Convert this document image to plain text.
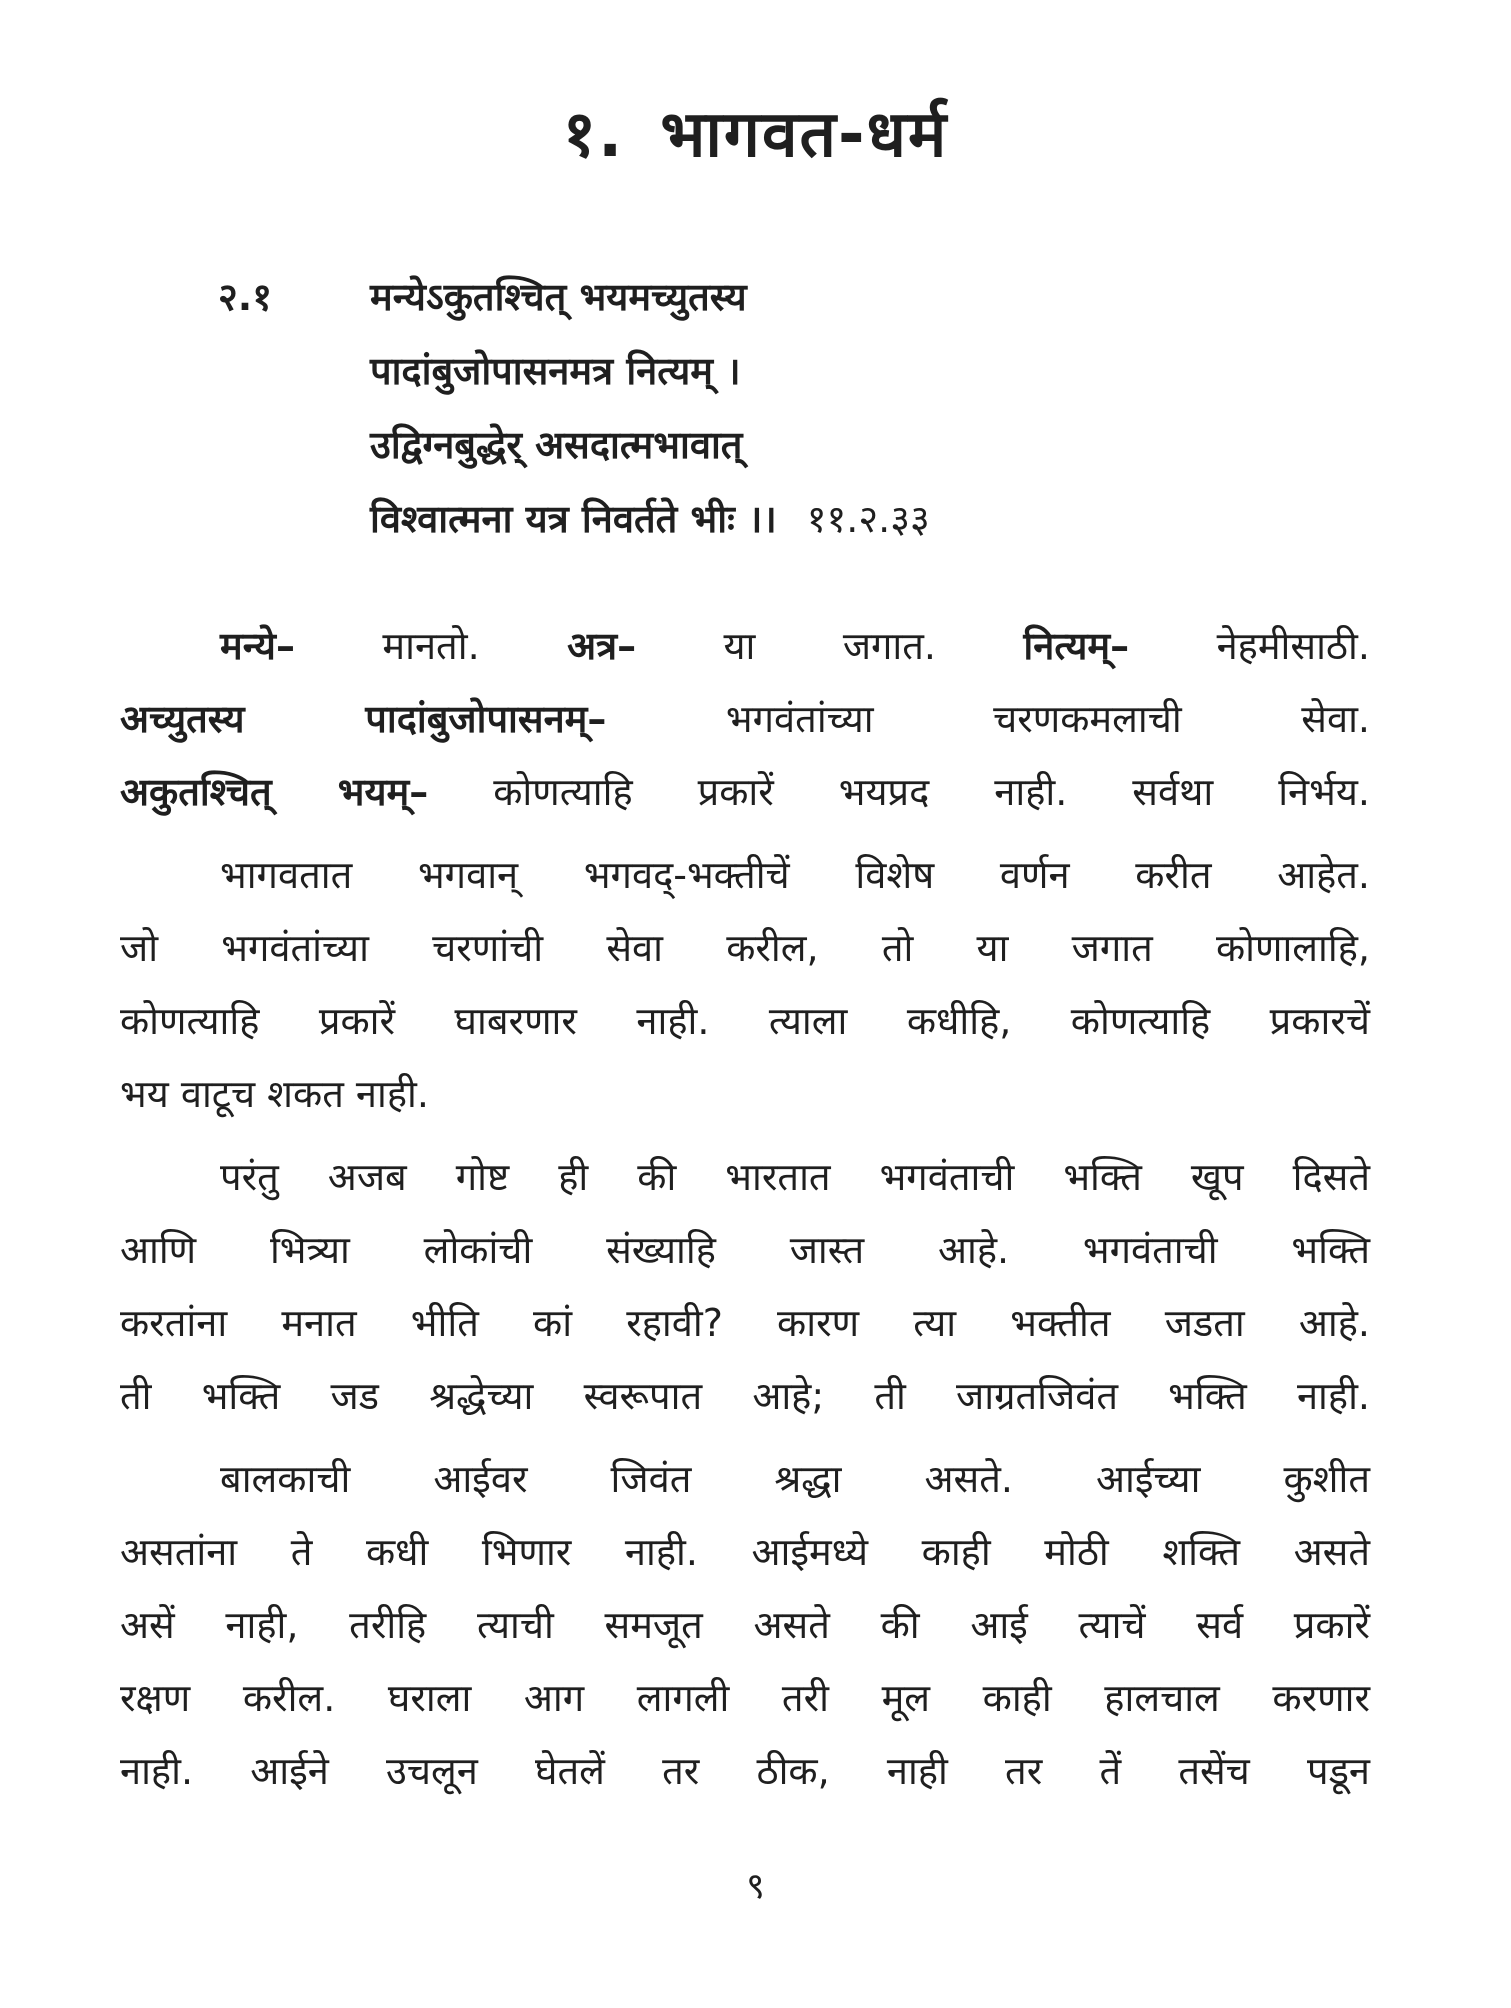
१. भागवत-धर्म
२.१	मन्येऽकुतश्चित् भयमच्युतस्य
पादांबुजोपासनमत्र नित्यम् ।
उद्विग्नबुद्धेर् असदात्मभावात्
विश्वात्मना यत्र निवर्तते भीः ।। ११.२.३३
मन्ये– मानतो. अत्र– या जगात. नित्यम्– नेहमीसाठी.
अच्युतस्य पादांबुजोपासनम्–	भगवंतांच्या चरणकमलाची सेवा.
अकुतश्चित् भयम्– कोणत्याहि प्रकारें भयप्रद नाही. सर्वथा निर्भय.
भागवतात भगवान् भगवद्-भक्तीचें विशेष वर्णन करीत आहेत.
जो भगवंतांच्या चरणांची सेवा करील, तो या जगात कोणालाहि,
कोणत्याहि प्रकारें घाबरणार नाही. त्याला कधीहि, कोणत्याहि प्रकारचें
भय वाटूच शकत नाही.
परंतु अजब गोष्ट ही की भारतात भगवंताची भक्ति खूप दिसते
आणि भित्र्या लोकांची संख्याहि जास्त आहे. भगवंताची भक्ति
करतांना मनात भीति कां रहावी? कारण त्या भक्तीत जडता आहे.
ती भक्ति जड श्रद्धेच्या स्वरूपात आहे; ती जाग्रतजिवंत भक्ति नाही.
बालकाची आईवर जिवंत श्रद्धा असते. आईच्या कुशीत
असतांना ते कधी भिणार नाही. आईमध्ये काही मोठी शक्ति असते
असें नाही, तरीहि त्याची समजूत असते की आई त्याचें सर्व प्रकारें
रक्षण करील. घराला आग लागली तरी मूल काही हालचाल करणार
नाही. आईने उचलून घेतलें तर ठीक, नाही तर तें तसेंच पडून
९
